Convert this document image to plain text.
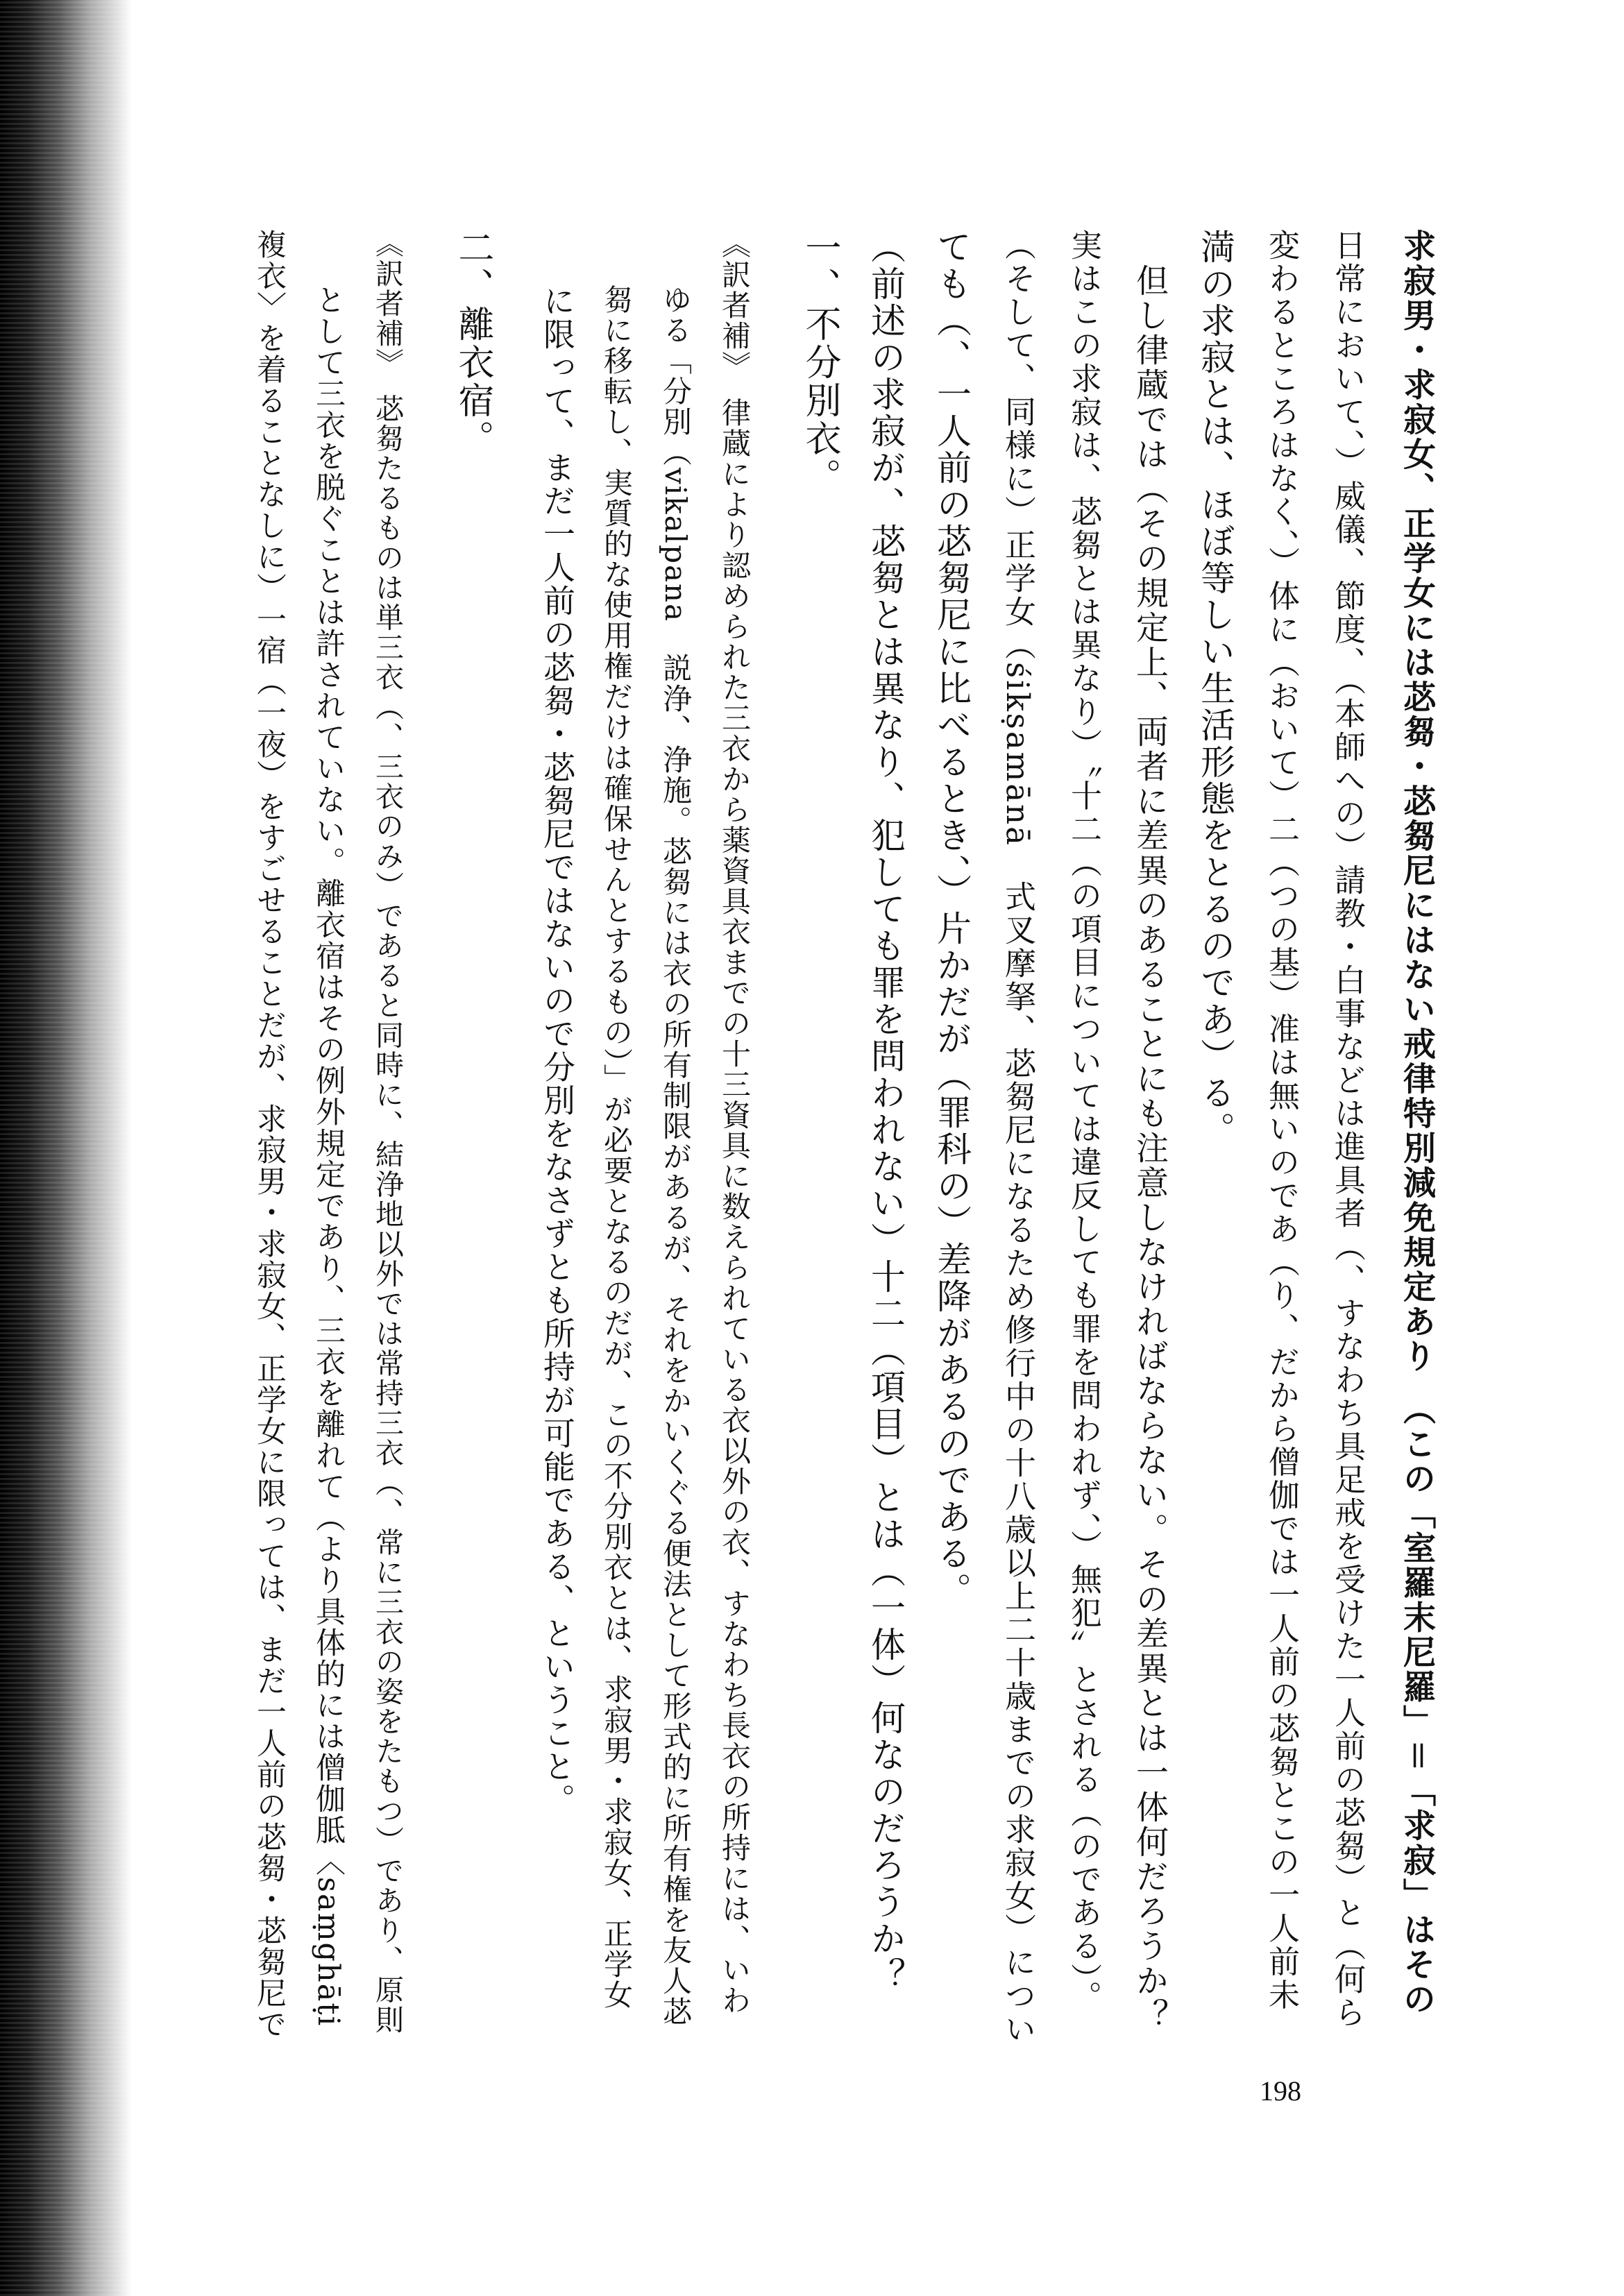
求寂男・求寂女、正学女には苾芻・苾芻尼にはない戒律特別減免規定あり　（この「室羅末尼羅」＝「求寂」はその
日常において、）威儀、節度、（本師への）請教・白事などは進具者（、すなわち具足戒を受けた一人前の苾芻）と（何ら
変わるところはなく、）体に（おいて）二（つの基）准は無いのであ（り、だから僧伽では一人前の苾芻とこの一人前未
満の求寂とは、ほぼ等しい生活形態をとるのであ）る。
　但し律蔵では（その規定上、両者に差異のあることにも注意しなければならない。その差異とは一体何だろうか？
実はこの求寂は、苾芻とは異なり）〝十二（の項目については違反しても罪を問われず、）無犯〟とされる（のである）。
（そして、同様に）正学女（śikṣamānā　式叉摩拏、苾芻尼になるため修行中の十八歳以上二十歳までの求寂女）につい
ても（、一人前の苾芻尼に比べるとき、）片かだが（罪科の）差降があるのである。
（前述の求寂が、苾芻とは異なり、犯しても罪を問われない）十二（項目）とは（一体）何なのだろうか？
一、不分別衣。
《訳者補》　律蔵により認められた三衣から薬資具衣までの十三資具に数えられている衣以外の衣、すなわち長衣の所持には、いわ
ゆる「分別（vikalpana　説浄、浄施。苾芻には衣の所有制限があるが、それをかいくぐる便法として形式的に所有権を友人苾
芻に移転し、実質的な使用権だけは確保せんとするもの）」が必要となるのだが、この不分別衣とは、求寂男・求寂女、正学女
に限って、まだ一人前の苾芻・苾芻尼ではないので分別をなさずとも所持が可能である、ということ。
二、離衣宿。
《訳者補》　苾芻たるものは単三衣（、三衣のみ）であると同時に、結浄地以外では常持三衣（、常に三衣の姿をたもつ）であり、原則
として三衣を脱ぐことは許されていない。離衣宿はその例外規定であり、三衣を離れて（より具体的には僧伽胝〈saṃghāṭi
複衣〉を着ることなしに）一宿（一夜）をすごせることだが、求寂男・求寂女、正学女に限っては、まだ一人前の苾芻・苾芻尼で
198
